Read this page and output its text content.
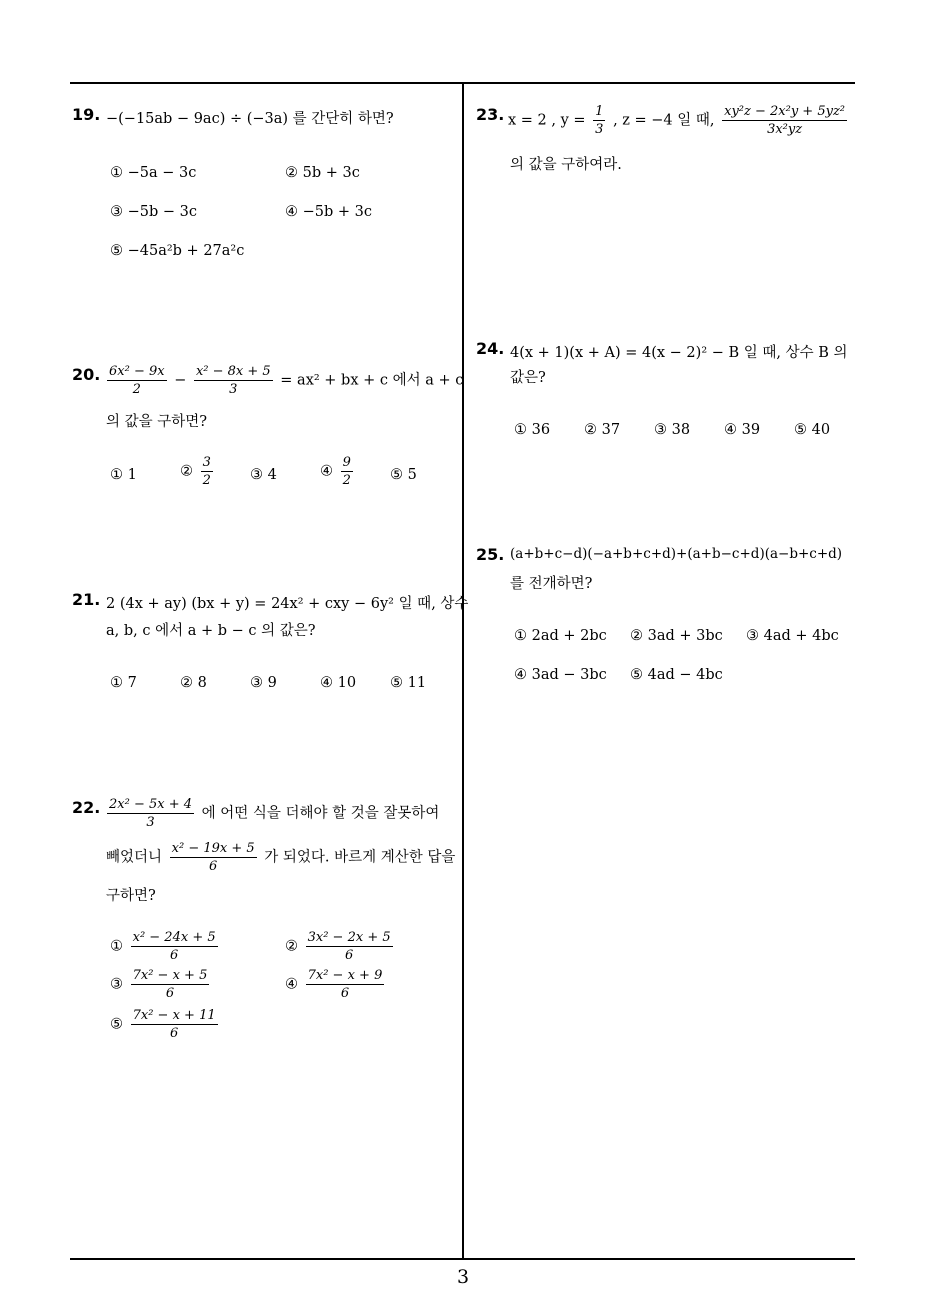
19. −(−15ab − 9ac) ÷ (−3a) 를 간단히 하면?
① −5a − 3c	② 5b + 3c
③ −5b − 3c	④ −5b + 3c
⑤ −45a²b + 27a²c
20. $\frac{\text{6x² − 9x}}{2} - \frac{\text{x² − 8x + 5}}{3} = ax^2$ + bx + c 에서 a + c
의 값을 구하면?
① 1	② $\frac{3}{2}$	③ 4	④ $\frac{9}{2}$	⑤ 5
21. 2 (4x + ay) (bx + y) = 24x² + cxy − 6y² 일 때, 상수
a, b, c 에서 a + b − c 의 값은?
① 7	② 8	③ 9	④ 10 ⑤ 11
22. $\frac{\text{2x² − 5x + 4}}{3}$ 에 어떤 식을 더해야 할 것을 잘못하여
빼었더니 $\frac{\text{x² − 19x + 5}}{6}$ 가 되었다. 바르게 계산한 답을
구하면?
① $\frac{\text{x² − 24x + 5}}{6}$	② $\frac{\text{3x² − 2x + 5}}{6}$
③ $\frac{\text{7x² − x + 5}}{6}$	④ $\frac{\text{7x² − x + 9}}{6}$
⑤ $\frac{\text{7x² − x + 11}}{6}$
23. x = 2 , $y = \frac{1}{3}$ , z = −4 일 때, $\frac{\text{xy²z − 2x²y + 5yz²}}{\text{3x²yz}}$
의 값을 구하여라.
24. 4(x + 1)(x + A) = 4(x − 2)² − B 일 때, 상수 B 의
값은?
① 36 ② 37 ③ 38 ④ 39 ⑤ 40
25. (a+b+c−d)(−a+b+c+d)+(a+b−c+d)(a−b+c+d)
를 전개하면?
① 2ad + 2bc ② 3ad + 3bc ③ 4ad + 4bc
④ 3ad − 3bc ⑤ 4ad − 4bc
3
